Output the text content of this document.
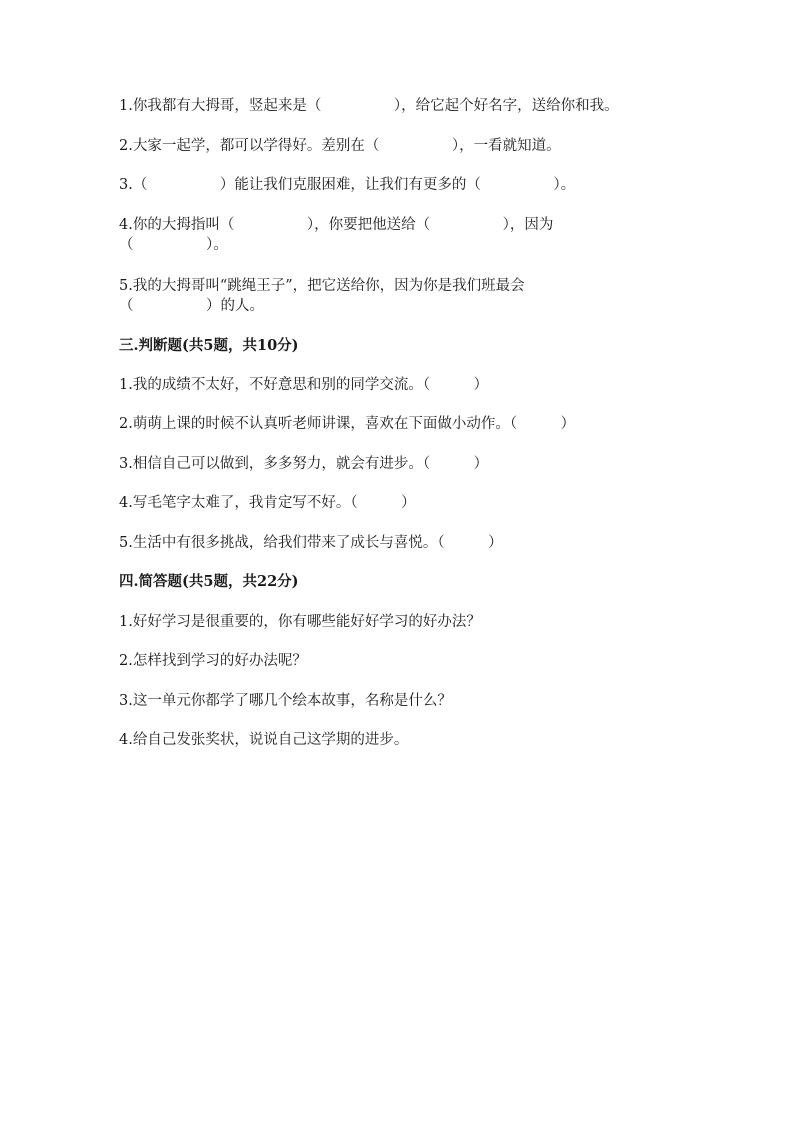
1.你我都有大拇哥，竖起来是（　　　　　），给它起个好名字，送给你和我。
2.大家一起学，都可以学得好。差别在（　　　　　），一看就知道。
3.（　　　　　）能让我们克服困难，让我们有更多的（　　　　　）。
4.你的大拇指叫（　　　　　），你要把他送给（　　　　　），因为
（　　　　　）。
5.我的大拇哥叫“跳绳王子”，把它送给你，因为你是我们班最会
（　　　　　）的人。
三.判断题(共5题，共10分)
1.我的成绩不太好，不好意思和别的同学交流。（　　　）
2.萌萌上课的时候不认真听老师讲课，喜欢在下面做小动作。（　　　）
3.相信自己可以做到，多多努力，就会有进步。（　　　）
4.写毛笔字太难了，我肯定写不好。（　　　）
5.生活中有很多挑战，给我们带来了成长与喜悦。（　　　）
四.简答题(共5题，共22分)
1.好好学习是很重要的，你有哪些能好好学习的好办法？
2.怎样找到学习的好办法呢？
3.这一单元你都学了哪几个绘本故事，名称是什么？
4.给自己发张奖状，说说自己这学期的进步。
